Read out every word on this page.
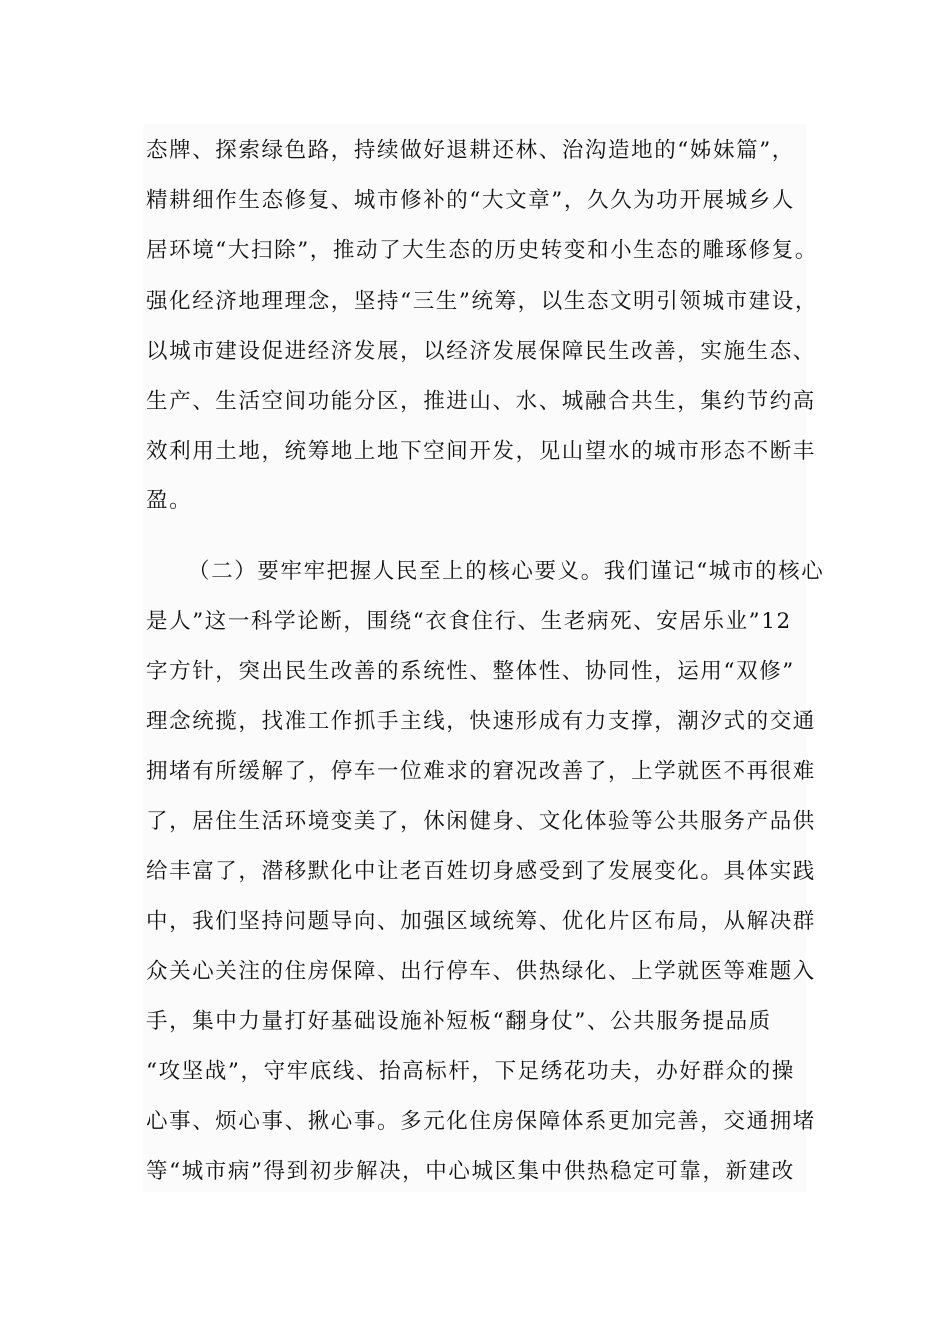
态牌、探索绿色路，持续做好退耕还林、治沟造地的“姊妹篇”，
精耕细作生态修复、城市修补的“大文章”，久久为功开展城乡人
居环境“大扫除”，推动了大生态的历史转变和小生态的雕琢修复。
强化经济地理理念，坚持“三生”统筹，以生态文明引领城市建设，
以城市建设促进经济发展，以经济发展保障民生改善，实施生态、
生产、生活空间功能分区，推进山、水、城融合共生，集约节约高
效利用土地，统筹地上地下空间开发，见山望水的城市形态不断丰
盈。
（二）要牢牢把握人民至上的核心要义。我们谨记“城市的核心
是人”这一科学论断，围绕“衣食住行、生老病死、安居乐业”12
字方针，突出民生改善的系统性、整体性、协同性，运用“双修”
理念统揽，找准工作抓手主线，快速形成有力支撑，潮汐式的交通
拥堵有所缓解了，停车一位难求的窘况改善了，上学就医不再很难
了，居住生活环境变美了，休闲健身、文化体验等公共服务产品供
给丰富了，潜移默化中让老百姓切身感受到了发展变化。具体实践
中，我们坚持问题导向、加强区域统筹、优化片区布局，从解决群
众关心关注的住房保障、出行停车、供热绿化、上学就医等难题入
手，集中力量打好基础设施补短板“翻身仗”、公共服务提品质
“攻坚战”，守牢底线、抬高标杆，下足绣花功夫，办好群众的操
心事、烦心事、揪心事。多元化住房保障体系更加完善，交通拥堵
等“城市病”得到初步解决，中心城区集中供热稳定可靠，新建改
